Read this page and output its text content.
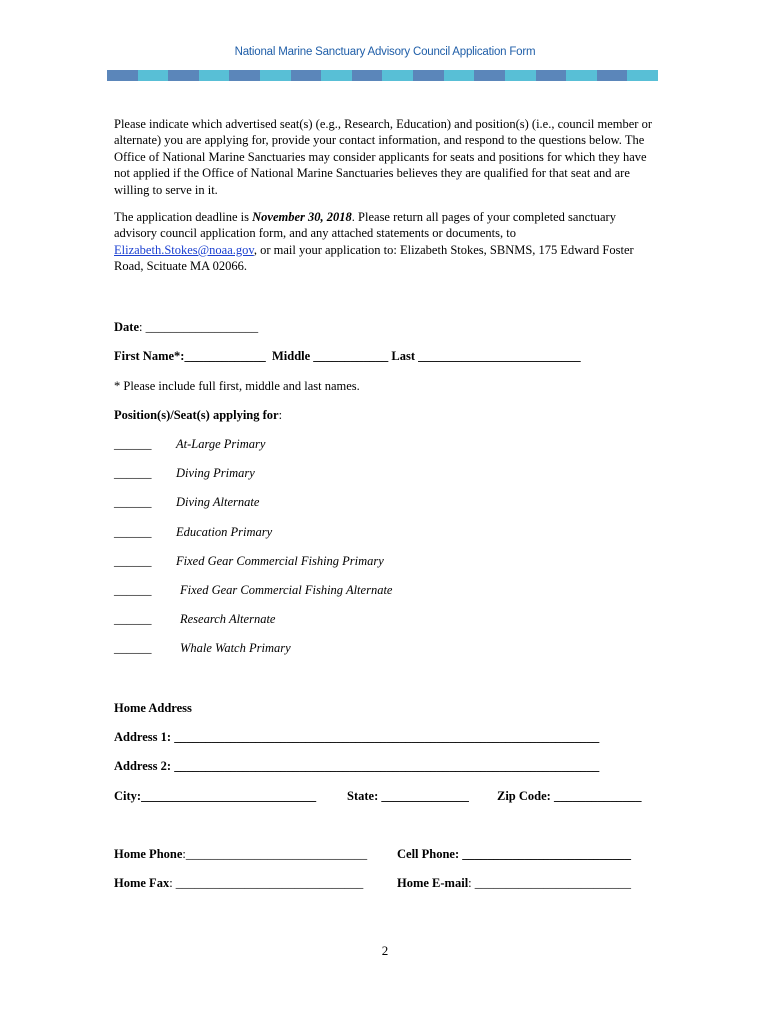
National Marine Sanctuary Advisory Council Application Form

Please indicate which advertised seat(s) (e.g., Research, Education) and position(s) (i.e., council member or alternate) you are applying for, provide your contact information, and respond to the questions below. The Office of National Marine Sanctuaries may consider applicants for seats and positions for which they have not applied if the Office of National Marine Sanctuaries believes they are qualified for that seat and are willing to serve in it.

The application deadline is November 30, 2018. Please return all pages of your completed sanctuary advisory council application form, and any attached statements or documents, to Elizabeth.Stokes@noaa.gov, or mail your application to: Elizabeth Stokes, SBNMS, 175 Edward Foster Road, Scituate MA 02066.

Date: __________________
First Name*:_____________  Middle ____________ Last __________________________
* Please include full first, middle and last names.
Position(s)/Seat(s) applying for:
______ At-Large Primary
______ Diving Primary
______ Diving Alternate
______ Education Primary
______ Fixed Gear Commercial Fishing Primary
______ Fixed Gear Commercial Fishing Alternate
______ Research Alternate
______ Whale Watch Primary
Home Address
Address 1: ____________________________________________________________________
Address 2: ____________________________________________________________________
City:____________________________ State: ______________ Zip Code: ______________
Home Phone:_____________________________ Cell Phone: ___________________________
Home Fax: ______________________________	Home E-mail: _________________________
2
